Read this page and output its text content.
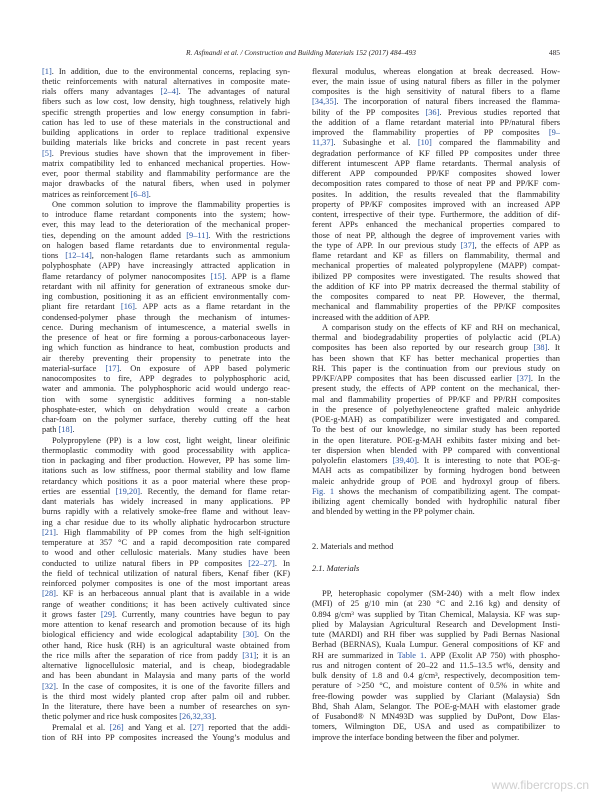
R. Asfmandi et al. / Construction and Building Materials 152 (2017) 484–493	485
[1]. In addition, due to the environmental concerns, replacing syn-
thetic reinforcements with natural alternatives in composite mate-
rials offers many advantages [2–4]. The advantages of natural
fibers such as low cost, low density, high toughness, relatively high
specific strength properties and low energy consumption in fabri-
cation has led to use of these materials in the constructional and
building applications in order to replace traditional expensive
building materials like bricks and concrete in past recent years
[5]. Previous studies have shown that the improvement in fiber-
matrix compatibility led to enhanced mechanical properties. How-
ever, poor thermal stability and flammability performance are the
major drawbacks of the natural fibers, when used in polymer
matrices as reinforcement [6–8].
One common solution to improve the flammability properties is
to introduce flame retardant components into the system; how-
ever, this may lead to the deterioration of the mechanical proper-
ties, depending on the amount added [9–11]. With the restrictions
on halogen based flame retardants due to environmental regula-
tions [12–14], non-halogen flame retardants such as ammonium
polyphosphate (APP) have increasingly attracted application in
flame retardancy of polymer nanocomposites [15]. APP is a flame
retardant with nil affinity for generation of extraneous smoke dur-
ing combustion, positioning it as an efficient environmentally com-
pliant fire retardant [16]. APP acts as a flame retardant in the
condensed-polymer phase through the mechanism of intumes-
cence. During mechanism of intumescence, a material swells in
the presence of heat or fire forming a porous-carbonaceous layer-
ing which function as hindrance to heat, combustion products and
air thereby preventing their propensity to penetrate into the
material-surface [17]. On exposure of APP based polymeric
nanocomposites to fire, APP degrades to polyphosphoric acid,
water and ammonia. The polyphosphoric acid would undergo reac-
tion with some synergistic additives forming a non-stable
phosphate-ester, which on dehydration would create a carbon
char-foam on the polymer surface, thereby cutting off the heat
path [18].
Polypropylene (PP) is a low cost, light weight, linear oleifinic
thermoplastic commodity with good processability with applica-
tion in packaging and fiber production. However, PP has some lim-
itations such as low stiffness, poor thermal stability and low flame
retardancy which positions it as a poor material where these prop-
erties are essential [19,20]. Recently, the demand for flame retar-
dant materials has widely increased in many applications. PP
burns rapidly with a relatively smoke-free flame and without leav-
ing a char residue due to its wholly aliphatic hydrocarbon structure
[21]. High flammability of PP comes from the high self-ignition
temperature at 357 °C and a rapid decomposition rate compared
to wood and other cellulosic materials. Many studies have been
conducted to utilize natural fibers in PP composites [22–27]. In
the field of technical utilization of natural fibers, Kenaf fiber (KF)
reinforced polymer composites is one of the most important areas
[28]. KF is an herbaceous annual plant that is available in a wide
range of weather conditions; it has been actively cultivated since
it grows faster [29]. Currently, many countries have begun to pay
more attention to kenaf research and promotion because of its high
biological efficiency and wide ecological adaptability [30]. On the
other hand, Rice husk (RH) is an agricultural waste obtained from
the rice mills after the separation of rice from paddy [31]; it is an
alternative lignocellulosic material, and is cheap, biodegradable
and has been abundant in Malaysia and many parts of the world
[32]. In the case of composites, it is one of the favorite fillers and
is the third most widely planted crop after palm oil and rubber.
In the literature, there have been a number of researches on syn-
thetic polymer and rice husk composites [26,32,33].
Premalal et al. [26] and Yang et al. [27] reported that the addi-
tion of RH into PP composites increased the Young’s modulus and
flexural modulus, whereas elongation at break decreased. How-
ever, the main issue of using natural fibers as filler in the polymer
composites is the high sensitivity of natural fibers to a flame
[34,35]. The incorporation of natural fibers increased the flamma-
bility of the PP composites [36]. Previous studies reported that
the addition of a flame retardant material into PP/natural fibers
improved the flammability properties of PP composites [9–
11,37]. Subasinghe et al. [10] compared the flammability and
degradation performance of KF filled PP composites under three
different intumescent APP flame retardants. Thermal analysis of
different APP compounded PP/KF composites showed lower
decomposition rates compared to those of neat PP and PP/KF com-
posites. In addition, the results revealed that the flammability
property of PP/KF composites improved with an increased APP
content, irrespective of their type. Furthermore, the addition of dif-
ferent APPs enhanced the mechanical properties compared to
those of neat PP, although the degree of improvement varies with
the type of APP. In our previous study [37], the effects of APP as
flame retardant and KF as fillers on flammability, thermal and
mechanical properties of maleated polypropylene (MAPP) compat-
ibilized PP composites were investigated. The results showed that
the addition of KF into PP matrix decreased the thermal stability of
the composites compared to neat PP. However, the thermal,
mechanical and flammability properties of the PP/KF composites
increased with the addition of APP.
A comparison study on the effects of KF and RH on mechanical,
thermal and biodegradability properties of polylactic acid (PLA)
composites has been also reported by our research group [38]. It
has been shown that KF has better mechanical properties than
RH. This paper is the continuation from our previous study on
PP/KF/APP composites that has been discussed earlier [37]. In the
present study, the effects of APP content on the mechanical, ther-
mal and flammability properties of PP/KF and PP/RH composites
in the presence of polyethyleneoctene grafted maleic anhydride
(POE-g-MAH) as compatibilizer were investigated and compared.
To the best of our knowledge, no similar study has been reported
in the open literature. POE-g-MAH exhibits faster mixing and bet-
ter dispersion when blended with PP compared with conventional
polyolefin elastomers [39,40]. It is interesting to note that POE-g-
MAH acts as compatibilizer by forming hydrogen bond between
maleic anhydride group of POE and hydroxyl group of fibers.
Fig. 1 shows the mechanism of compatibilizing agent. The compat-
ibilizing agent chemically bonded with hydrophilic natural fiber
and blended by wetting in the PP polymer chain.
2. Materials and method
2.1. Materials
PP, heterophasic copolymer (SM-240) with a melt flow index
(MFI) of 25 g/10 min (at 230 °C and 2.16 kg) and density of
0.894 g/cm³ was supplied by Titan Chemical, Malaysia. KF was sup-
plied by Malaysian Agricultural Research and Development Insti-
tute (MARDI) and RH fiber was supplied by Padi Bernas Nasional
Berhad (BERNAS), Kuala Lumpur. General compositions of KF and
RH are summarized in Table 1. APP (Exolit AP 750) with phospho-
rus and nitrogen content of 20–22 and 11.5–13.5 wt%, density and
bulk density of 1.8 and 0.4 g/cm³, respectively, decomposition tem-
perature of >250 °C, and moisture content of 0.5% in white and
free-flowing powder was supplied by Clariant (Malaysia) Sdn
Bhd, Shah Alam, Selangor. The POE-g-MAH with elastomer grade
of Fusabond® N MN493D was supplied by DuPont, Dow Elas-
tomers, Wilmington DE, USA and used as compatibilizer to
improve the interface bonding between the fiber and polymer.
www.fibercrops.cn
